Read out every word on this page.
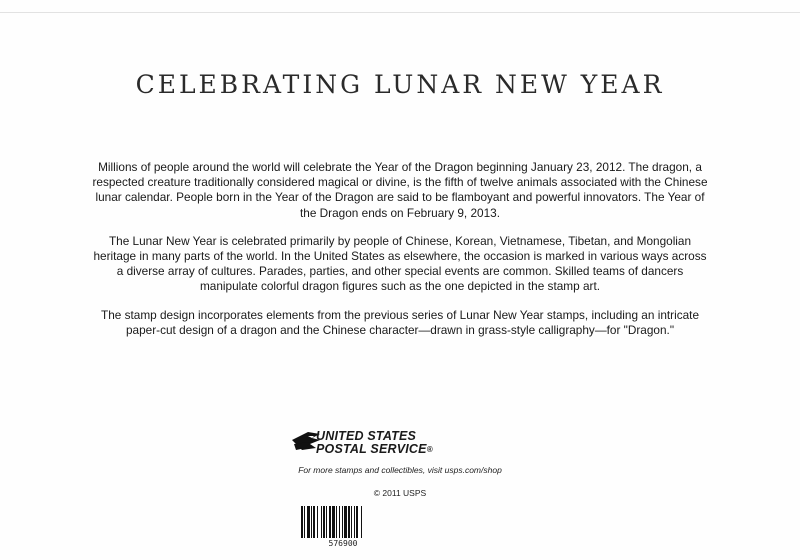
CELEBRATING LUNAR NEW YEAR

Millions of people around the world will celebrate the Year of the Dragon beginning January 23, 2012. The dragon, a respected creature traditionally considered magical or divine, is the fifth of twelve animals associated with the Chinese lunar calendar. People born in the Year of the Dragon are said to be flamboyant and powerful innovators. The Year of the Dragon ends on February 9, 2013.

The Lunar New Year is celebrated primarily by people of Chinese, Korean, Vietnamese, Tibetan, and Mongolian heritage in many parts of the world. In the United States as elsewhere, the occasion is marked in various ways across a diverse array of cultures. Parades, parties, and other special events are common. Skilled teams of dancers manipulate colorful dragon figures such as the one depicted in the stamp art.

The stamp design incorporates elements from the previous series of Lunar New Year stamps, including an intricate paper-cut design of a dragon and the Chinese character—drawn in grass-style calligraphy—for "Dragon."

UNITED STATES
POSTAL SERVICE®
For more stamps and collectibles, visit usps.com/shop
© 2011 USPS
576900
